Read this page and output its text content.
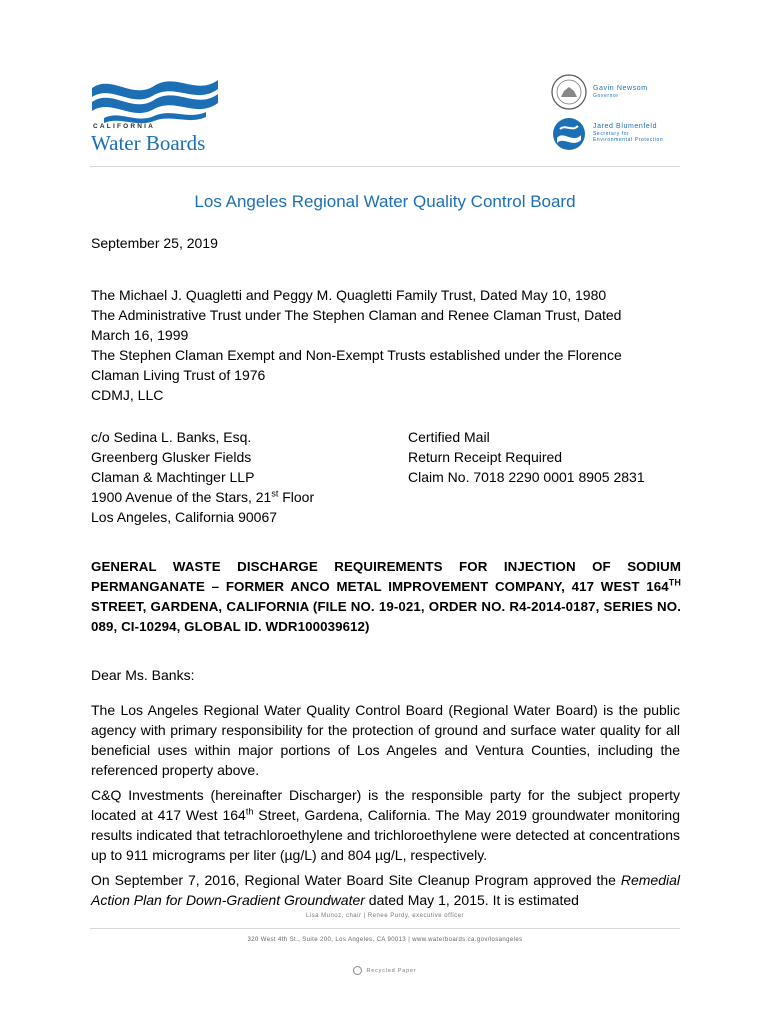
CALIFORNIA
Water Boards
Gavin Newsom
Governor
Jared Blumenfeld
Secretary for
Environmental Protection
Los Angeles Regional Water Quality Control Board
September 25, 2019
The Michael J. Quagletti and Peggy M. Quagletti Family Trust, Dated May 10, 1980
The Administrative Trust under The Stephen Claman and Renee Claman Trust, Dated
March 16, 1999
The Stephen Claman Exempt and Non-Exempt Trusts established under the Florence
Claman Living Trust of 1976
CDMJ, LLC
c/o Sedina L. Banks, Esq.
Greenberg Glusker Fields
Claman & Machtinger LLP
1900 Avenue of the Stars, 21st Floor
Los Angeles, California 90067
Certified Mail
Return Receipt Required
Claim No. 7018 2290 0001 8905 2831
GENERAL WASTE DISCHARGE REQUIREMENTS FOR INJECTION OF SODIUM PERMANGANATE – FORMER ANCO METAL IMPROVEMENT COMPANY, 417 WEST 164TH STREET, GARDENA, CALIFORNIA (FILE NO. 19-021, ORDER NO. R4-2014-0187, SERIES NO. 089, CI-10294, GLOBAL ID. WDR100039612)
Dear Ms. Banks:
The Los Angeles Regional Water Quality Control Board (Regional Water Board) is the public agency with primary responsibility for the protection of ground and surface water quality for all beneficial uses within major portions of Los Angeles and Ventura Counties, including the referenced property above.
C&Q Investments (hereinafter Discharger) is the responsible party for the subject property located at 417 West 164th Street, Gardena, California. The May 2019 groundwater monitoring results indicated that tetrachloroethylene and trichloroethylene were detected at concentrations up to 911 micrograms per liter (µg/L) and 804 µg/L, respectively.
On September 7, 2016, Regional Water Board Site Cleanup Program approved the Remedial Action Plan for Down-Gradient Groundwater dated May 1, 2015. It is estimated
Lisa Munoz, chair | Renee Purdy, executive officer
320 West 4th St., Suite 200, Los Angeles, CA 90013 | www.waterboards.ca.gov/losangeles
Recycled Paper
